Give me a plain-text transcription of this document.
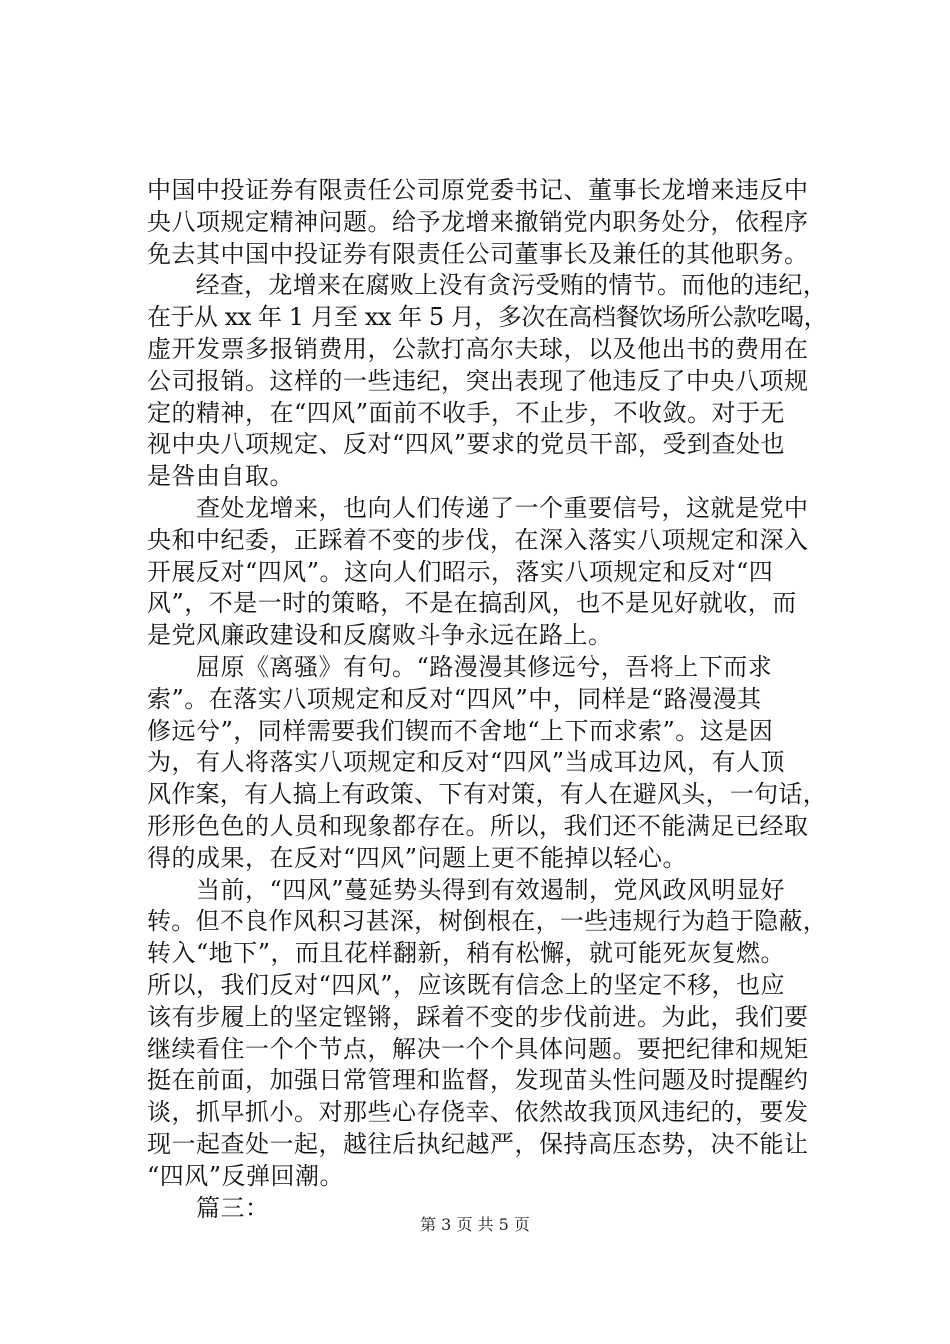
中国中投证券有限责任公司原党委书记、董事长龙增来违反中
央八项规定精神问题。给予龙增来撤销党内职务处分，依程序
免去其中国中投证券有限责任公司董事长及兼任的其他职务。
　　经查，龙增来在腐败上没有贪污受贿的情节。而他的违纪，
在于从 xx 年 1 月至 xx 年 5 月，多次在高档餐饮场所公款吃喝，
虚开发票多报销费用，公款打高尔夫球，以及他出书的费用在
公司报销。这样的一些违纪，突出表现了他违反了中央八项规
定的精神，在“四风”面前不收手，不止步，不收敛。对于无
视中央八项规定、反对“四风”要求的党员干部，受到查处也
是咎由自取。
　　查处龙增来，也向人们传递了一个重要信号，这就是党中
央和中纪委，正踩着不变的步伐，在深入落实八项规定和深入
开展反对“四风”。这向人们昭示，落实八项规定和反对“四
风”，不是一时的策略，不是在搞刮风，也不是见好就收，而
是党风廉政建设和反腐败斗争永远在路上。
　　屈原《离骚》有句。“路漫漫其修远兮，吾将上下而求
索”。在落实八项规定和反对“四风”中，同样是“路漫漫其
修远兮”，同样需要我们锲而不舍地“上下而求索”。这是因
为，有人将落实八项规定和反对“四风”当成耳边风，有人顶
风作案，有人搞上有政策、下有对策，有人在避风头，一句话，
形形色色的人员和现象都存在。所以，我们还不能满足已经取
得的成果，在反对“四风”问题上更不能掉以轻心。
　　当前，“四风”蔓延势头得到有效遏制，党风政风明显好
转。但不良作风积习甚深，树倒根在，一些违规行为趋于隐蔽，
转入“地下”，而且花样翻新，稍有松懈，就可能死灰复燃。
所以，我们反对“四风”，应该既有信念上的坚定不移，也应
该有步履上的坚定铿锵，踩着不变的步伐前进。为此，我们要
继续看住一个个节点，解决一个个具体问题。要把纪律和规矩
挺在前面，加强日常管理和监督，发现苗头性问题及时提醒约
谈，抓早抓小。对那些心存侥幸、依然故我顶风违纪的，要发
现一起查处一起，越往后执纪越严，保持高压态势，决不能让
“四风”反弹回潮。
　　篇三：
第 3 页 共 5 页
